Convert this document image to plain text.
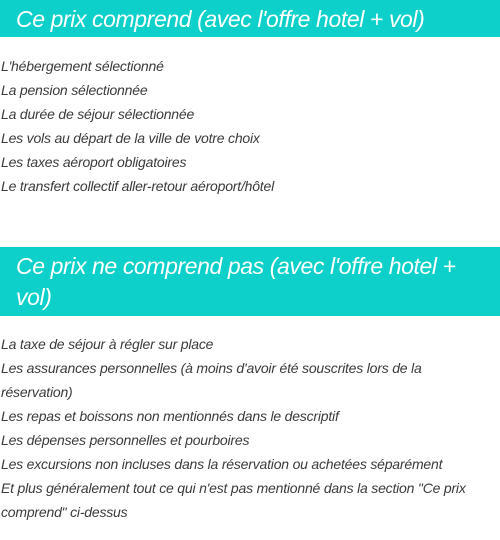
Ce prix comprend (avec l'offre hotel + vol)
L'hébergement sélectionné
La pension sélectionnée
La durée de séjour sélectionnée
Les vols au départ de la ville de votre choix
Les taxes aéroport obligatoires
Le transfert collectif aller-retour aéroport/hôtel
Ce prix ne comprend pas (avec l'offre hotel + vol)
La taxe de séjour à régler sur place
Les assurances personnelles (à moins d'avoir été souscrites lors de la réservation)
Les repas et boissons non mentionnés dans le descriptif
Les dépenses personnelles et pourboires
Les excursions non incluses dans la réservation ou achetées séparément
Et plus généralement tout ce qui n'est pas mentionné dans la section "Ce prix comprend" ci-dessus
